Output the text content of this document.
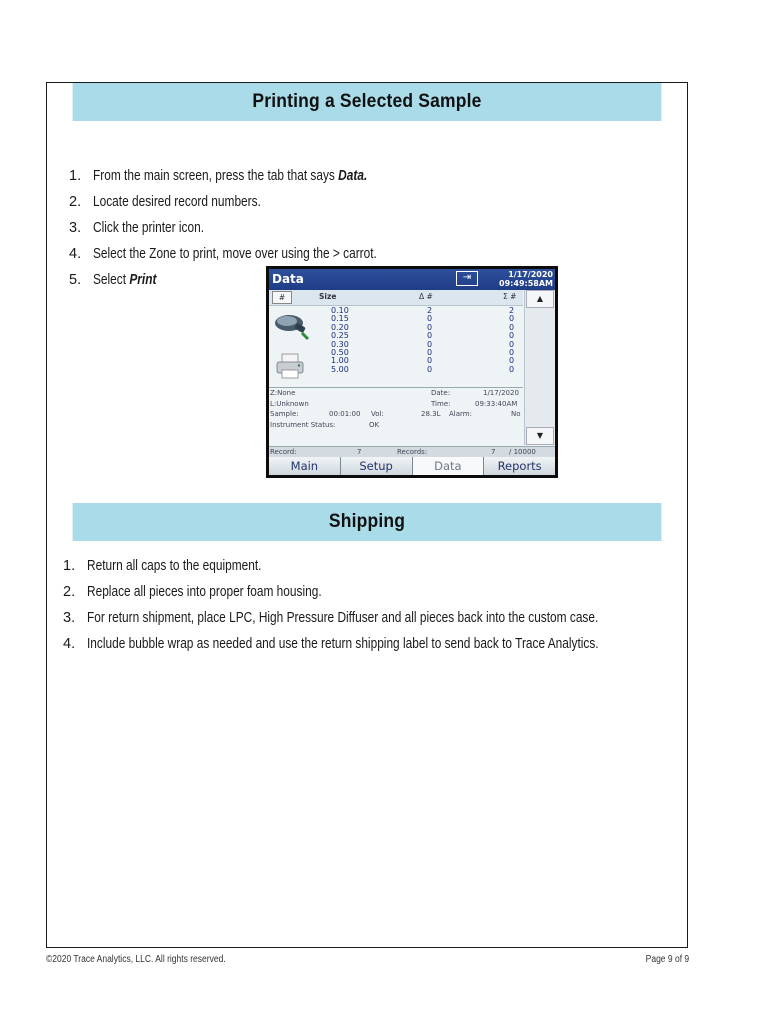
Printing a Selected Sample
1. From the main screen, press the tab that says Data.
2. Locate desired record numbers.
3. Click the printer icon.
4. Select the Zone to print, move over using the > carrot.
5. Select Print	Data	⇥	1/17/2020
09:49:58AM
#	Size	Δ #	Σ #	▲
▼
0.10	2	2
0.15	0	0
0.20	0	0
0.25	0	0
0.30	0	0
0.50	0	0
1.00	0	0
5.00	0	0
Z:None	Date:	1/17/2020
L:Unknown	Time:	09:33:40AM
Sample:	00:01:00 Vol:	28.3L Alarm:	No
Instrument Status:	OK
Record:	7	Records:	7 / 10000
Main	Setup	Data	Reports
Shipping
1. Return all caps to the equipment.
2. Replace all pieces into proper foam housing.
3. For return shipment, place LPC, High Pressure Diffuser and all pieces back into the custom case.
4. Include bubble wrap as needed and use the return shipping label to send back to Trace Analytics.
©2020 Trace Analytics, LLC. All rights reserved.	Page 9 of 9
